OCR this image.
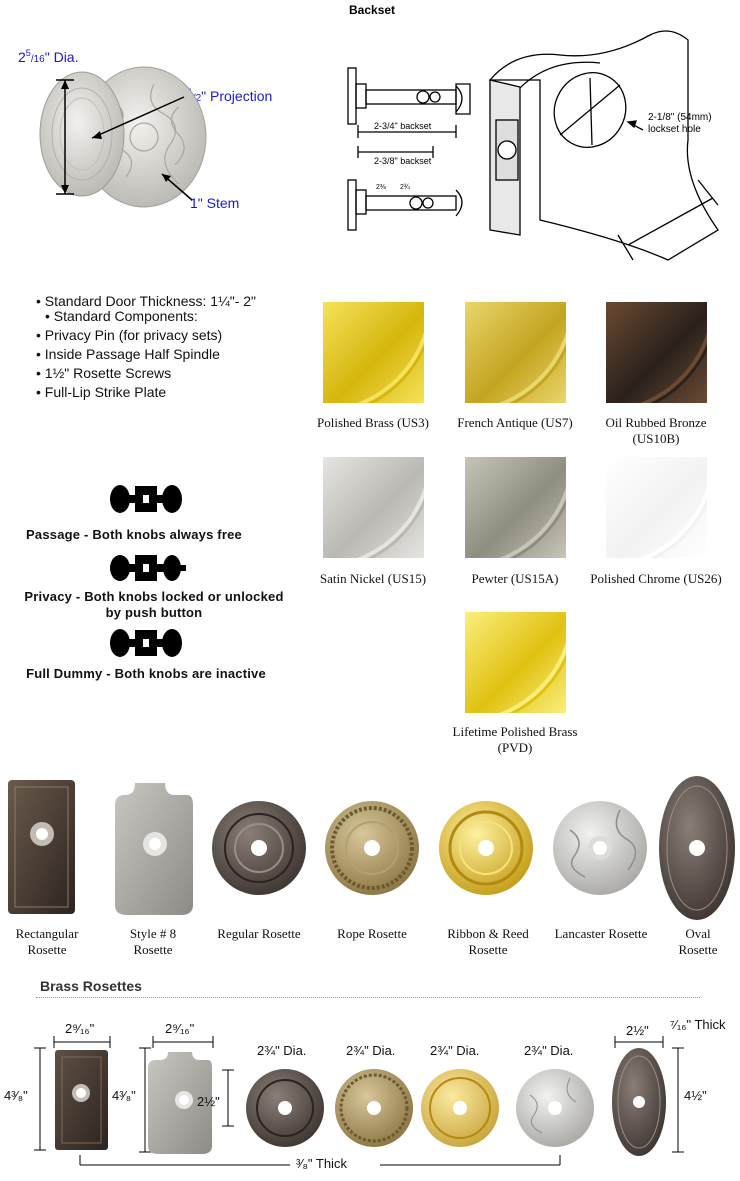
Backset
$2^5/16$" Dia.
2" Projection
1" Stem
2-3/4" backset
2-3/8" backset
2⅜ 2¾
2-1/8" (54mm)
lockset hole
• Standard Door Thickness: 1¼"- 2"
• Standard Components:
• Privacy Pin (for privacy sets)
• Inside Passage Half Spindle
• 1½" Rosette Screws
• Full-Lip Strike Plate
Polished Brass (US3)	French Antique (US7)	Oil Rubbed Bronze
(US10B)
Satin Nickel (US15)	Pewter (US15A)	Polished Chrome (US26)
Lifetime Polished Brass
(PVD)
Passage - Both knobs always free
Privacy - Both knobs locked or unlocked
by push button
Full Dummy - Both knobs are inactive
Rectangular
Rosette
Style # 8
Rosette
Regular Rosette	Rope Rosette	Ribbon & Reed
Rosette
Lancaster Rosette	Oval
Rosette
Brass Rosettes
2⁹⁄₁₆"
4³⁄₈"
2⁹⁄₁₆"
4³⁄₈"	2½"
2¾" Dia.	2¾" Dia.	2¾" Dia.	2¾" Dia.
2½"
4½"
⁷⁄₁₆" Thick
³⁄₈" Thick
